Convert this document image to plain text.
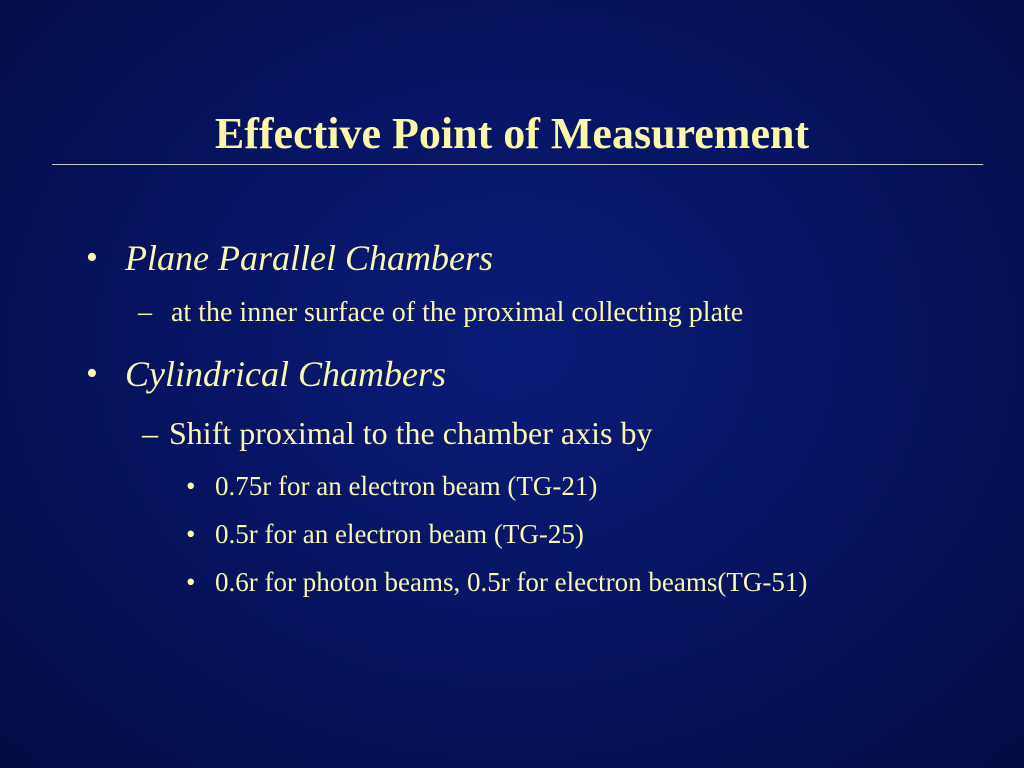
Effective Point of Measurement
• Plane Parallel Chambers
– at the inner surface of the proximal collecting plate
• Cylindrical Chambers
– Shift proximal to the chamber axis by
• 0.75r for an electron beam (TG-21)
• 0.5r for an electron beam (TG-25)
• 0.6r for photon beams, 0.5r for electron beams(TG-51)
